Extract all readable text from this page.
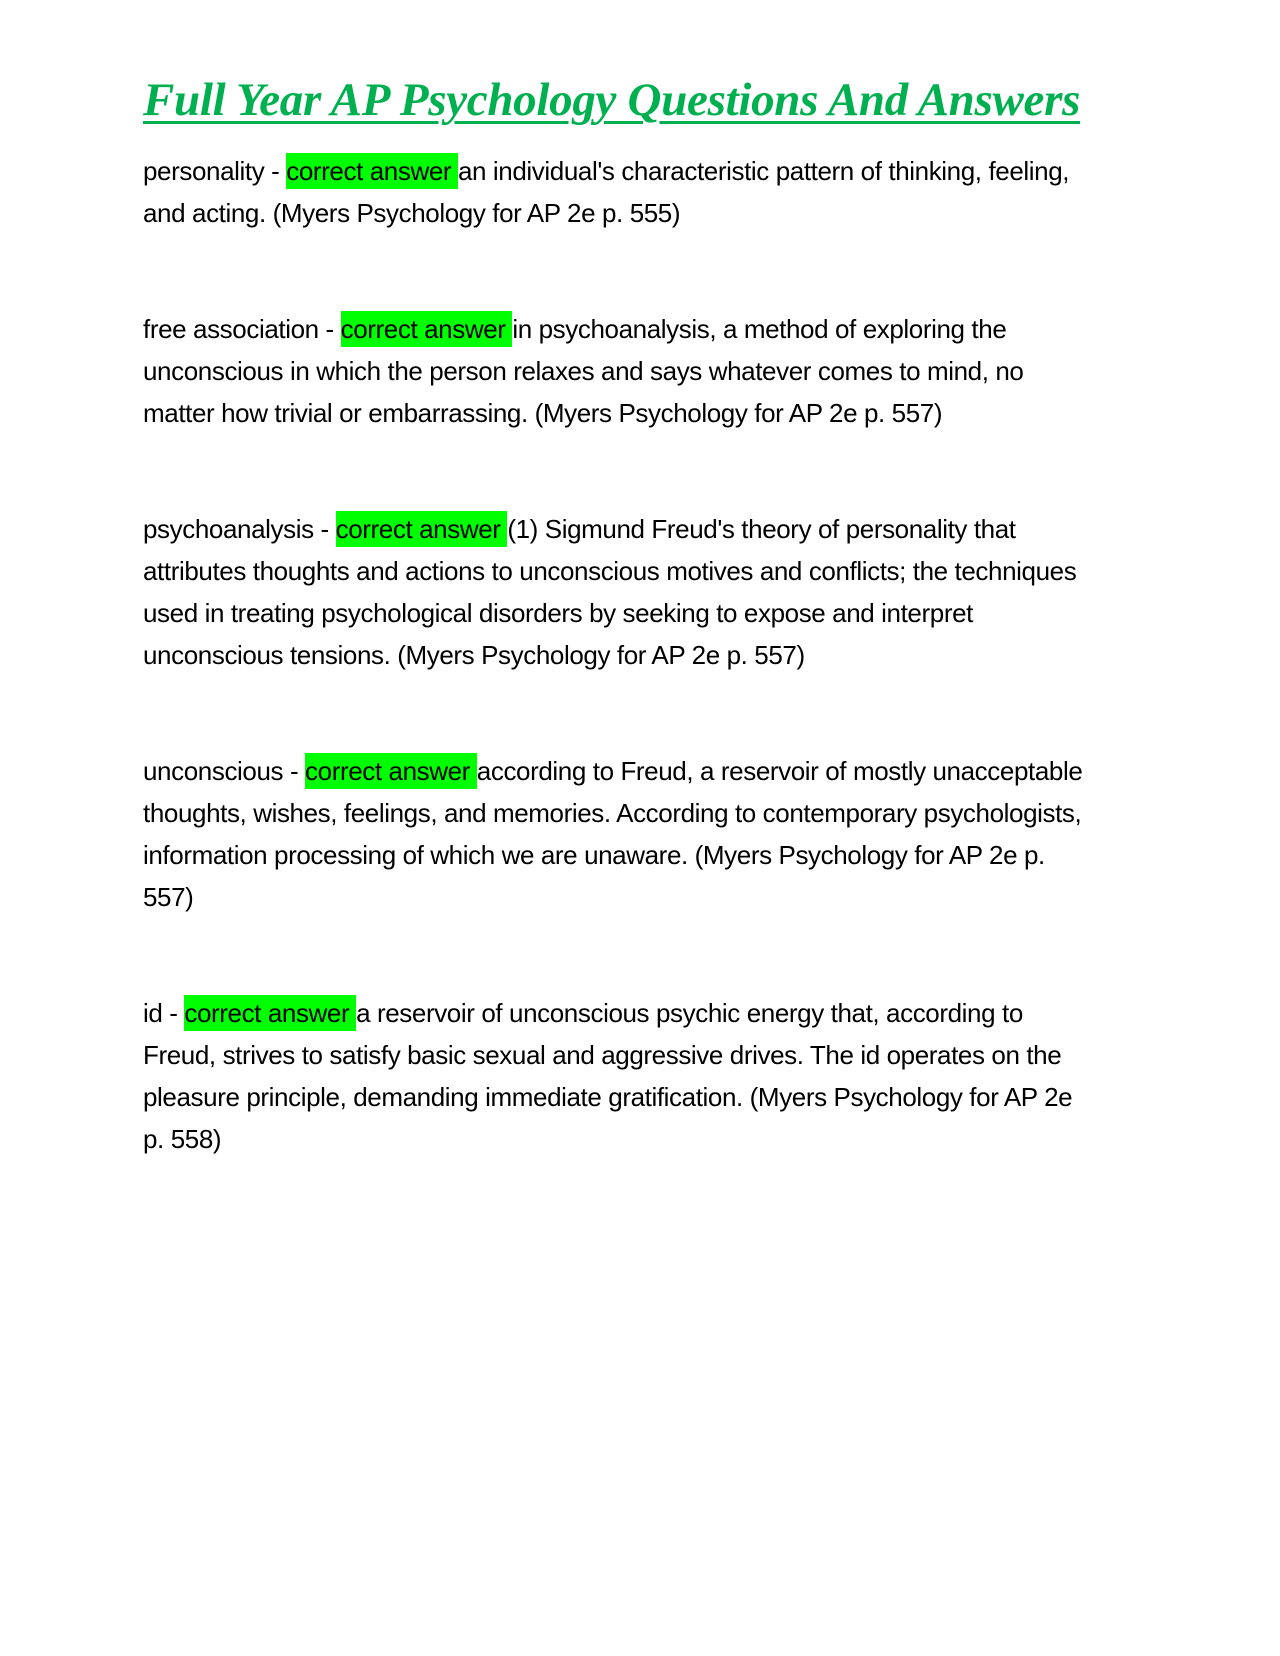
Full Year AP Psychology Questions And Answers

personality - correct answer an individual's characteristic pattern of thinking, feeling, and acting. (Myers Psychology for AP 2e p. 555)

free association - correct answer in psychoanalysis, a method of exploring the unconscious in which the person relaxes and says whatever comes to mind, no matter how trivial or embarrassing. (Myers Psychology for AP 2e p. 557)

psychoanalysis - correct answer (1) Sigmund Freud's theory of personality that attributes thoughts and actions to unconscious motives and conflicts; the techniques used in treating psychological disorders by seeking to expose and interpret unconscious tensions. (Myers Psychology for AP 2e p. 557)

unconscious - correct answer according to Freud, a reservoir of mostly unacceptable thoughts, wishes, feelings, and memories. According to contemporary psychologists, information processing of which we are unaware. (Myers Psychology for AP 2e p. 557)

id - correct answer a reservoir of unconscious psychic energy that, according to Freud, strives to satisfy basic sexual and aggressive drives. The id operates on the pleasure principle, demanding immediate gratification. (Myers Psychology for AP 2e p. 558)
